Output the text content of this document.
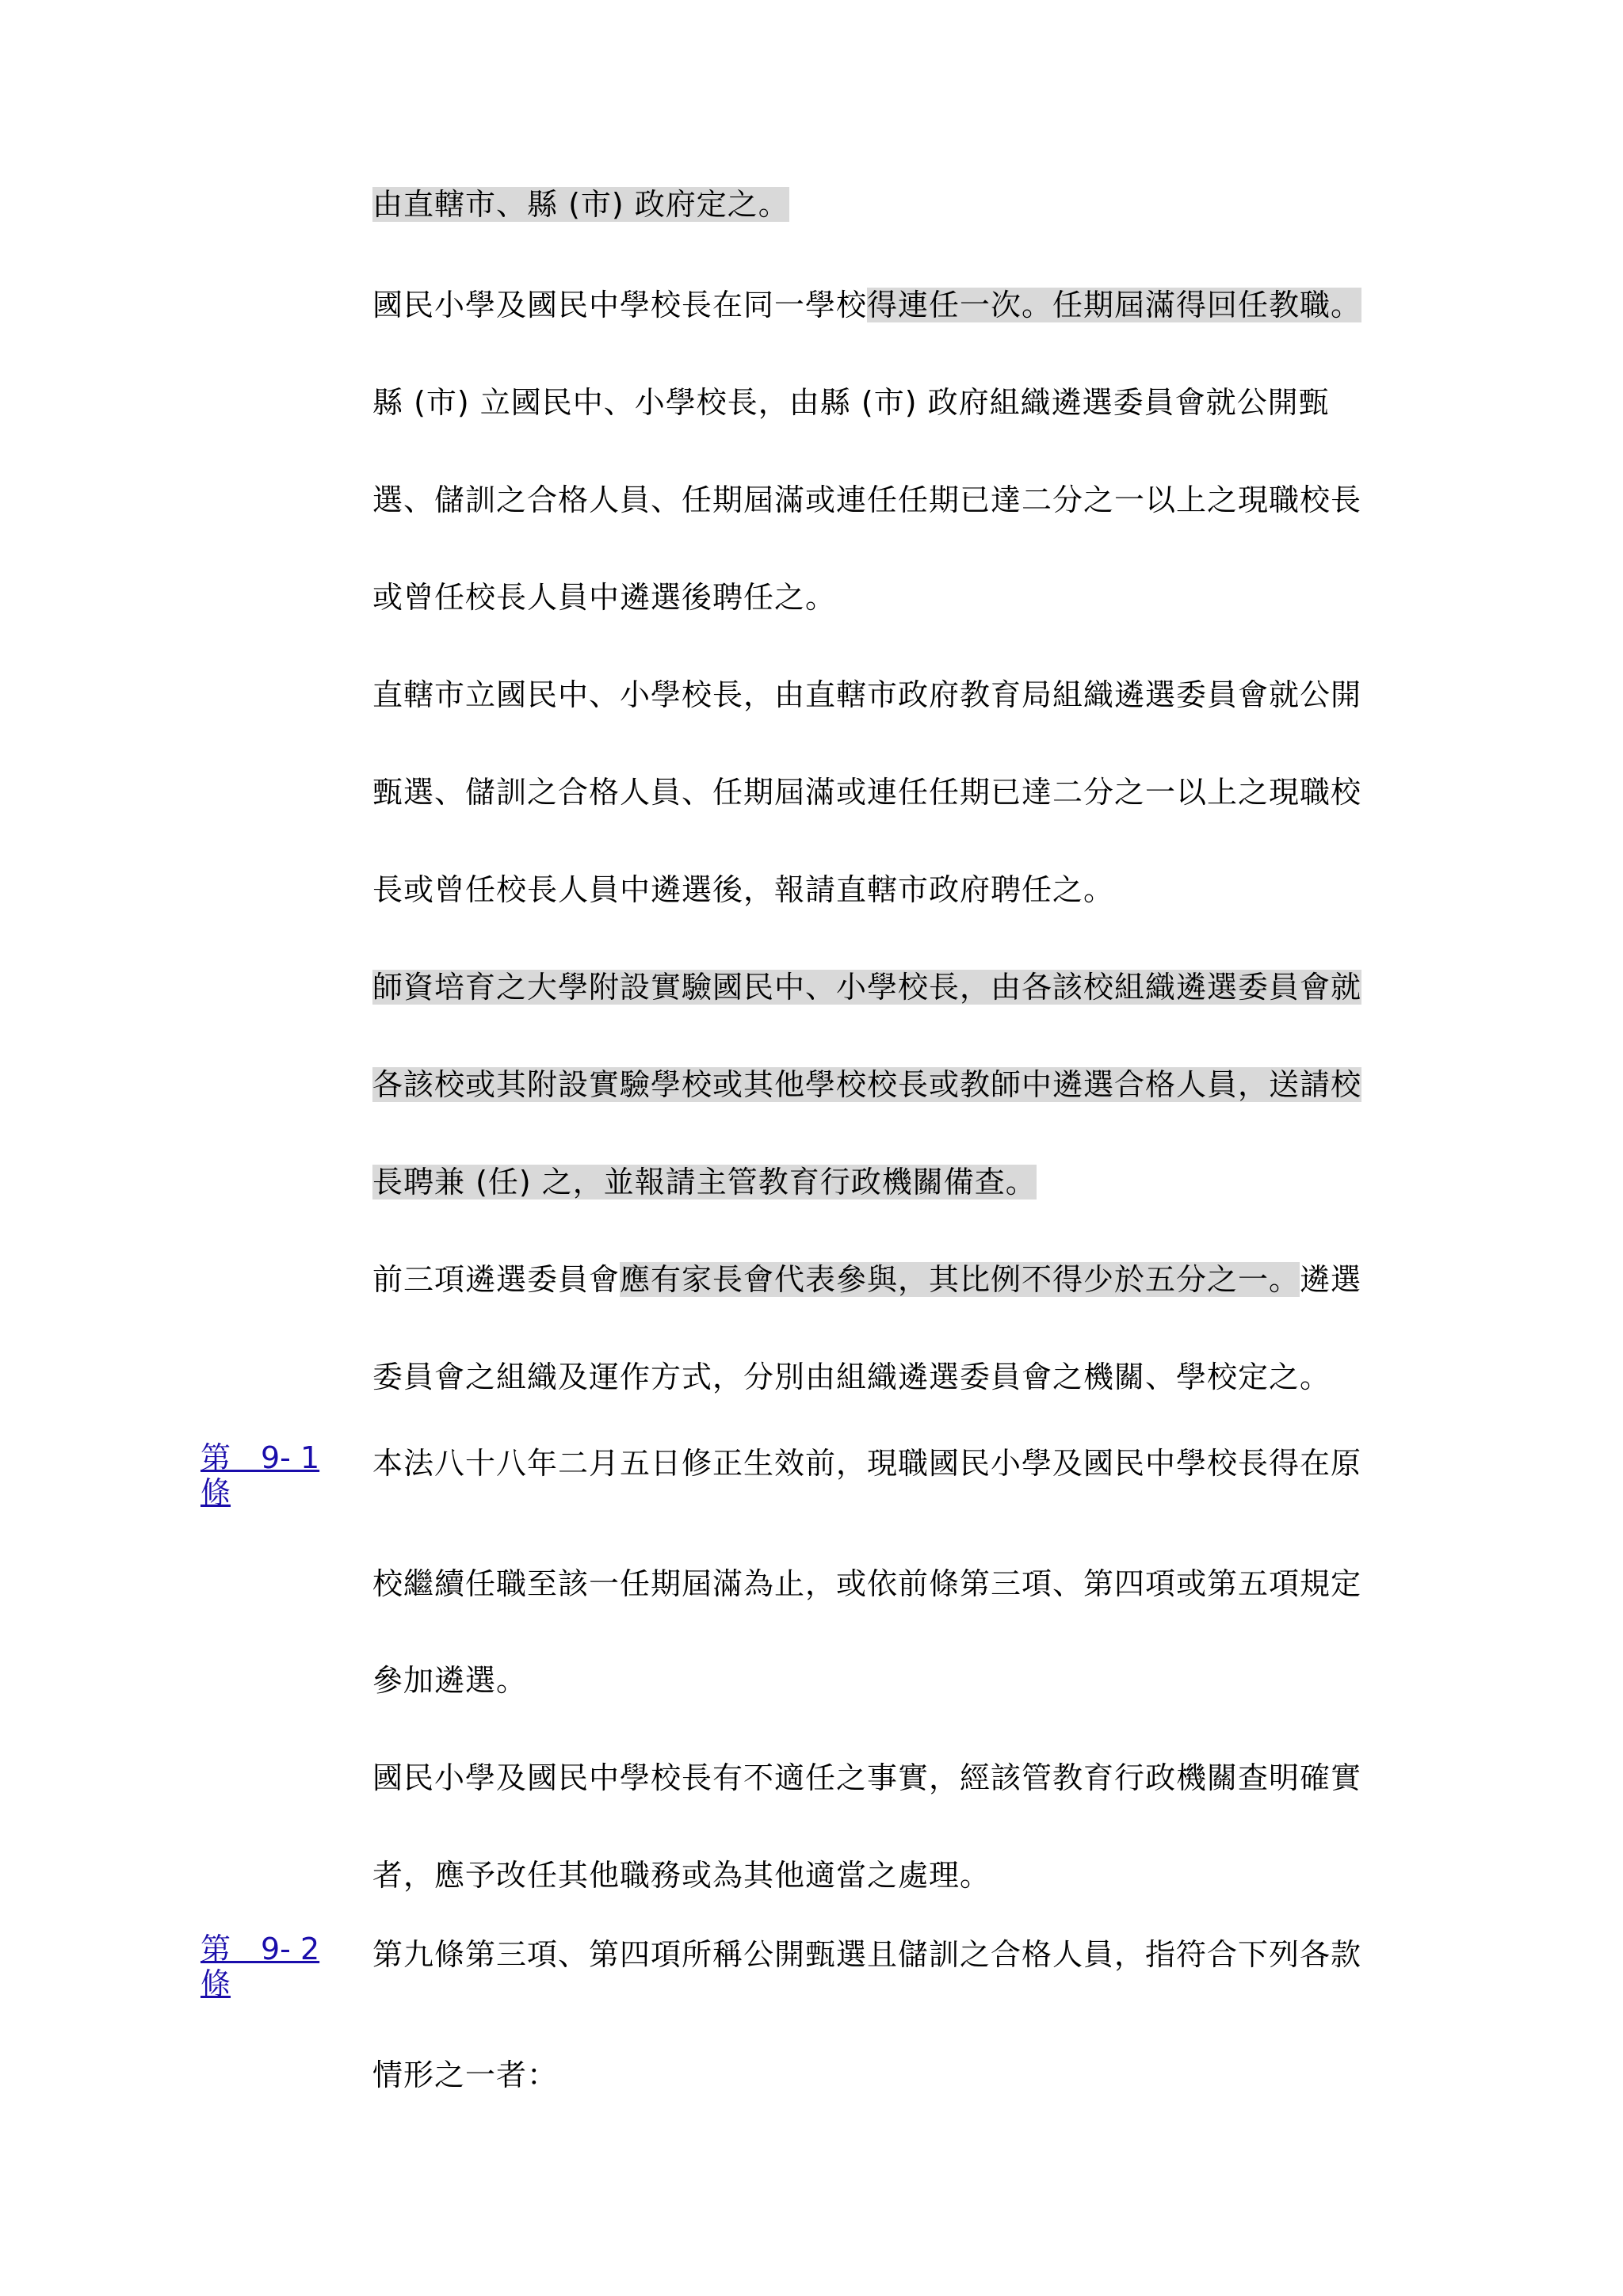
由直轄市、縣 (市) 政府定之。
國民小學及國民中學校長在同一學校得連任一次。任期屆滿得回任教職。
縣 (市) 立國民中、小學校長，由縣 (市) 政府組織遴選委員會就公開甄
選、儲訓之合格人員、任期屆滿或連任任期已達二分之一以上之現職校長
或曾任校長人員中遴選後聘任之。
直轄市立國民中、小學校長，由直轄市政府教育局組織遴選委員會就公開
甄選、儲訓之合格人員、任期屆滿或連任任期已達二分之一以上之現職校
長或曾任校長人員中遴選後，報請直轄市政府聘任之。
師資培育之大學附設實驗國民中、小學校長，由各該校組織遴選委員會就
各該校或其附設實驗學校或其他學校校長或教師中遴選合格人員，送請校
長聘兼 (任) 之，並報請主管教育行政機關備查。
前三項遴選委員會應有家長會代表參與，其比例不得少於五分之一。遴選
委員會之組織及運作方式，分別由組織遴選委員會之機關、學校定之。
第　9- 1
條
本法八十八年二月五日修正生效前，現職國民小學及國民中學校長得在原
校繼續任職至該一任期屆滿為止，或依前條第三項、第四項或第五項規定
參加遴選。
國民小學及國民中學校長有不適任之事實，經該管教育行政機關查明確實
者，應予改任其他職務或為其他適當之處理。
第　9- 2
條
第九條第三項、第四項所稱公開甄選且儲訓之合格人員，指符合下列各款
情形之一者：
